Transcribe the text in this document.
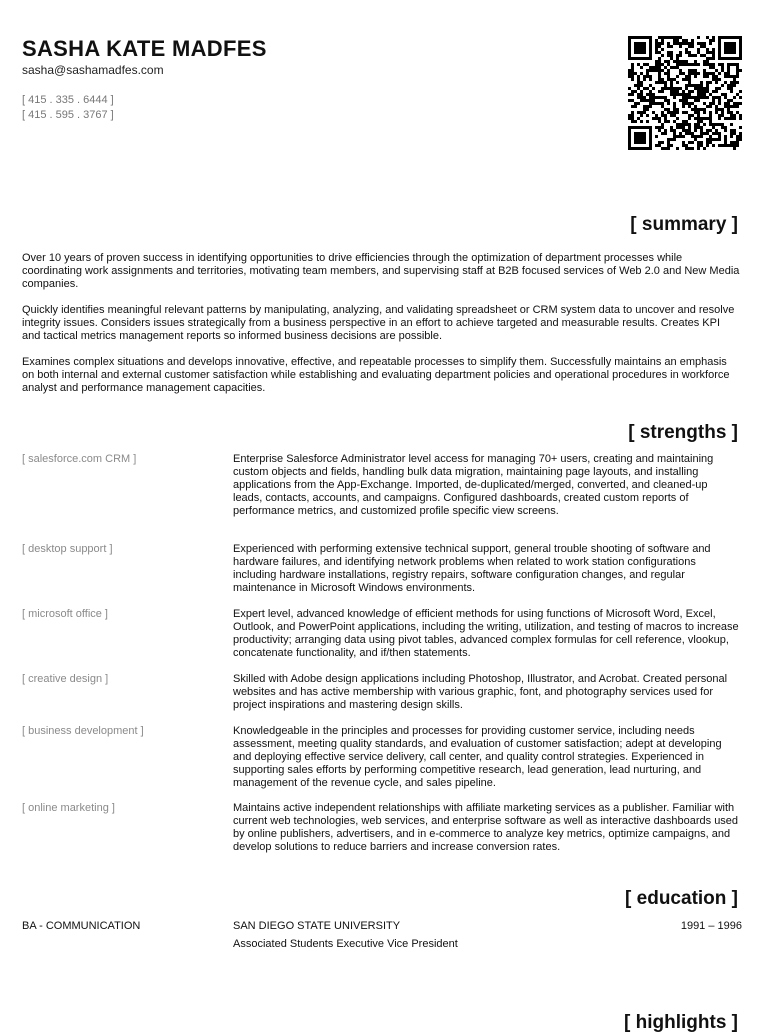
SASHA KATE MADFES
sasha@sashamadfes.com
[ 415 . 335 . 6444 ]
[ 415 . 595 . 3767 ]
[ summary ]

Over 10 years of proven success in identifying opportunities to drive efficiencies through the optimization of department processes while coordinating work assignments and territories, motivating team members, and supervising staff at B2B focused services of Web 2.0 and New Media companies.

Quickly identifies meaningful relevant patterns by manipulating, analyzing, and validating spreadsheet or CRM system data to uncover and resolve integrity issues. Considers issues strategically from a business perspective in an effort to achieve targeted and measurable results. Creates KPI and tactical metrics management reports so informed business decisions are possible.

Examines complex situations and develops innovative, effective, and repeatable processes to simplify them. Successfully maintains an emphasis on both internal and external customer satisfaction while establishing and evaluating department policies and operational procedures in workforce analyst and performance management capacities.

[ strengths ]
[ salesforce.com CRM ]	Enterprise Salesforce Administrator level access for managing 70+ users, creating and maintaining custom objects and fields, handling bulk data migration, maintaining page layouts, and installing applications from the App-Exchange. Imported, de-duplicated/merged, converted, and cleaned-up leads, contacts, accounts, and campaigns. Configured dashboards, created custom reports of performance metrics, and customized profile specific view screens.
[ desktop support ]	Experienced with performing extensive technical support, general trouble shooting of software and hardware failures, and identifying network problems when related to work station configurations including hardware installations, registry repairs, software configuration changes, and regular maintenance in Microsoft Windows environments.
[ microsoft office ]	Expert level, advanced knowledge of efficient methods for using functions of Microsoft Word, Excel, Outlook, and PowerPoint applications, including the writing, utilization, and testing of macros to increase productivity; arranging data using pivot tables, advanced complex formulas for cell reference, vlookup, concatenate functionality, and if/then statements.
[ creative design ]	Skilled with Adobe design applications including Photoshop, Illustrator, and Acrobat. Created personal websites and has active membership with various graphic, font, and photography services used for project inspirations and mastering design skills.
[ business development ]	Knowledgeable in the principles and processes for providing customer service, including needs assessment, meeting quality standards, and evaluation of customer satisfaction; adept at developing and deploying effective service delivery, call center, and quality control strategies. Experienced in supporting sales efforts by performing competitive research, lead generation, lead nurturing, and management of the revenue cycle, and sales pipeline.
[ online marketing ]	Maintains active independent relationships with affiliate marketing services as a publisher. Familiar with current web technologies, web services, and enterprise software as well as interactive dashboards used by online publishers, advertisers, and in e-commerce to analyze key metrics, optimize campaigns, and develop solutions to reduce barriers and increase conversion rates.
[ education ]
BA - COMMUNICATION	SAN DIEGO STATE UNIVERSITY	1991 – 1996
Associated Students Executive Vice President
[ highlights ]
